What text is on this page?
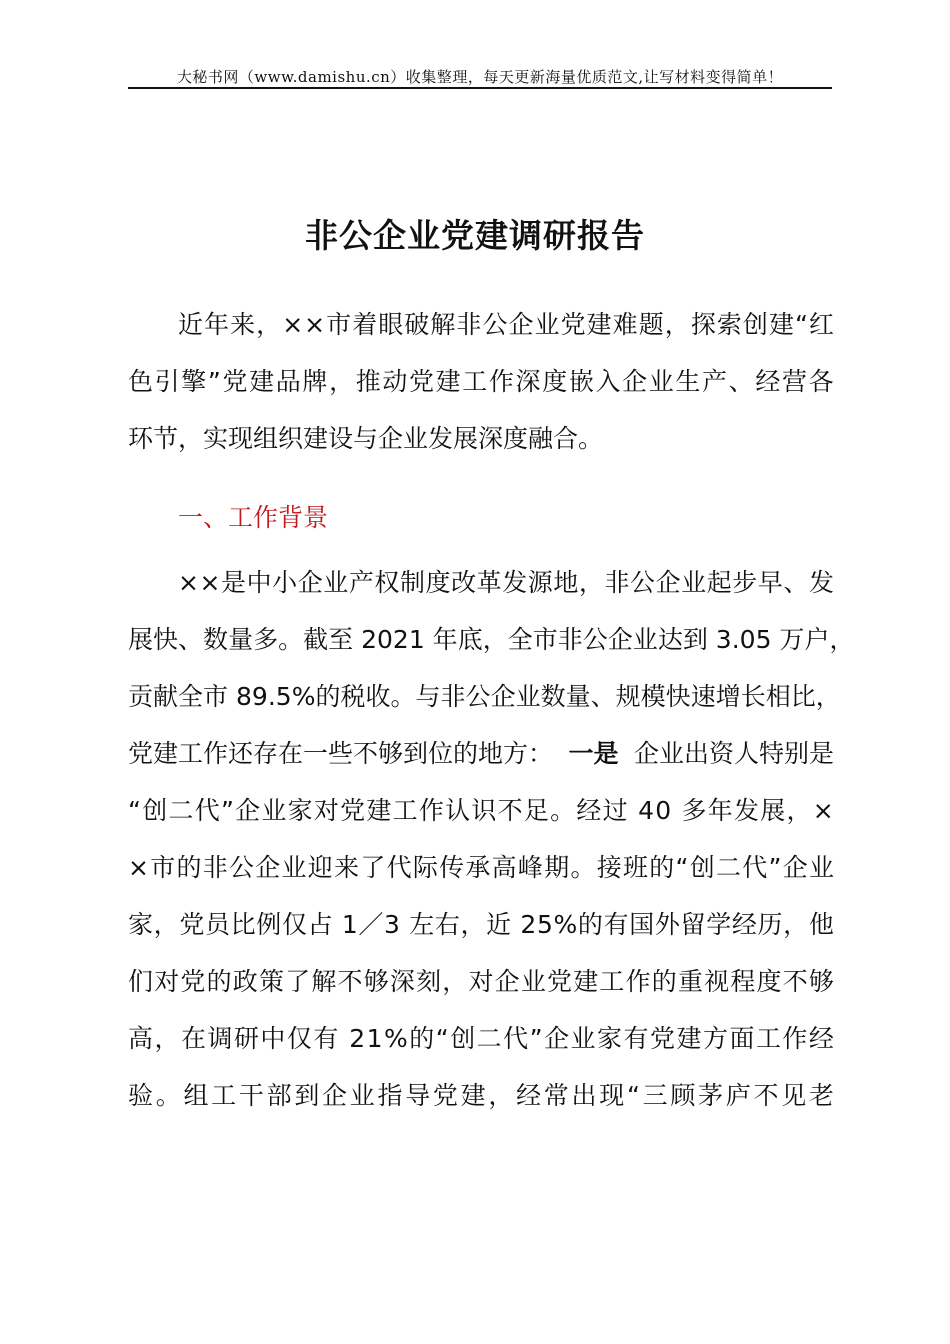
大秘书网（www.damishu.cn）收集整理，每天更新海量优质范文,让写材料变得简单！
非公企业党建调研报告
近 年 来 ， × × 市 着 眼 破 解 非 公 企 业 党 建 难 题 ， 探 索 创 建 “ 红
色 引 擎 ” 党 建 品 牌 ， 推 动 党 建 工 作 深 度 嵌 入 企 业 生 产 、 经 营 各
环节，实现组织建设与企业发展深度融合。
一、工作背景
× × 是 中 小 企 业 产 权 制 度 改 革 发 源 地 ， 非 公 企 业 起 步 早 、 发
展 快 、 数 量 多 。 截 至
2 0 2 1
年 底 ， 全 市 非 公 企 业 达 到
3 . 0 5
万 户 ，
贡 献 全 市
8 9 . 5 % 的 税 收 。 与 非 公 企 业 数 量 、 规 模 快 速 增 长 相 比 ，
党建工作还存在一些不够到位的地方： 一是 企业出资人特别是
“ 创 二 代 ” 企 业 家 对 党 建 工 作 认 识 不 足 。 经 过
4 0
多 年 发 展 ， ×
× 市 的 非 公 企 业 迎 来 了 代 际 传 承 高 峰 期 。 接 班 的 “ 创 二 代 ” 企 业
家 ， 党 员 比 例 仅 占
1 ／ 3
左 右 ， 近
2 5 % 的 有 国 外 留 学 经 历 ， 他
们 对 党 的 政 策 了 解 不 够 深 刻 ， 对 企 业 党 建 工 作 的 重 视 程 度 不 够
高 ， 在 调 研 中 仅 有
2 1 % 的 “ 创 二 代 ” 企 业 家 有 党 建 方 面 工 作 经
验 。 组 工 干 部 到 企 业 指 导 党 建 ， 经 常 出 现 “ 三 顾 茅 庐 不 见 老
